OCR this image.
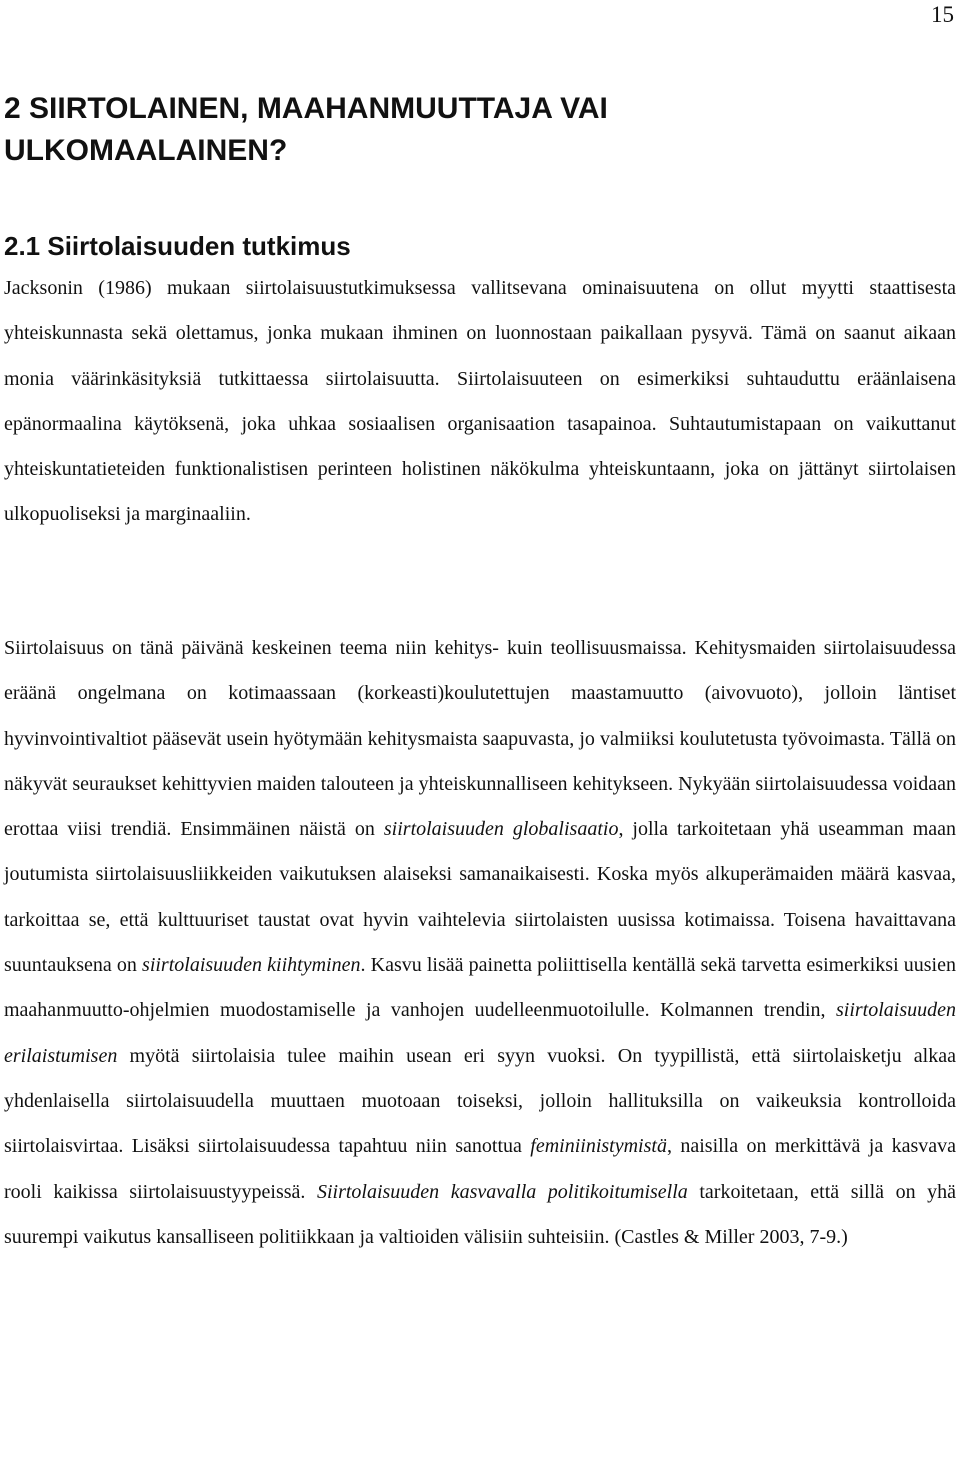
15
2 SIIRTOLAINEN, MAAHANMUUTTAJA VAI
ULKOMAALAINEN?
2.1 Siirtolaisuuden tutkimus

Jacksonin (1986) mukaan siirtolaisuustutkimuksessa vallitsevana ominaisuutena on ollut myytti staattisesta yhteiskunnasta sekä olettamus, jonka mukaan ihminen on luonnostaan paikallaan pysyvä. Tämä on saanut aikaan monia väärinkäsityksiä tutkittaessa siirtolaisuutta. Siirtolaisuuteen on esimerkiksi suhtauduttu eräänlaisena epänormaalina käytöksenä, joka uhkaa sosiaalisen organisaation tasapainoa. Suhtautumistapaan on vaikuttanut yhteiskuntatieteiden funktionalistisen perinteen holistinen näkökulma yhteiskuntaann, joka on jättänyt siirtolaisen ulkopuoliseksi ja marginaaliin.

Siirtolaisuus on tänä päivänä keskeinen teema niin kehitys- kuin teollisuusmaissa. Kehitysmaiden siirtolaisuudessa eräänä ongelmana on kotimaassaan (korkeasti)koulutettujen maastamuutto (aivovuoto), jolloin läntiset hyvinvointivaltiot pääsevät usein hyötymään kehitysmaista saapuvasta, jo valmiiksi koulutetusta työvoimasta. Tällä on näkyvät seuraukset kehittyvien maiden talouteen ja yhteiskunnalliseen kehitykseen. Nykyään siirtolaisuudessa voidaan erottaa viisi trendiä. Ensimmäinen näistä on siirtolaisuuden globalisaatio, jolla tarkoitetaan yhä useamman maan joutumista siirtolaisuusliikkeiden vaikutuksen alaiseksi samanaikaisesti. Koska myös alkuperämaiden määrä kasvaa, tarkoittaa se, että kulttuuriset taustat ovat hyvin vaihtelevia siirtolaisten uusissa kotimaissa. Toisena havaittavana suuntauksena on siirtolaisuuden kiihtyminen. Kasvu lisää painetta poliittisella kentällä sekä tarvetta esimerkiksi uusien maahanmuutto-ohjelmien muodostamiselle ja vanhojen uudelleenmuotoilulle. Kolmannen trendin, siirtolaisuuden erilaistumisen myötä siirtolaisia tulee maihin usean eri syyn vuoksi. On tyypillistä, että siirtolaisketju alkaa yhdenlaisella siirtolaisuudella muuttaen muotoaan toiseksi, jolloin hallituksilla on vaikeuksia kontrolloida siirtolaisvirtaa. Lisäksi siirtolaisuudessa tapahtuu niin sanottua feminiinistymistä, naisilla on merkittävä ja kasvava rooli kaikissa siirtolaisuustyypeissä. Siirtolaisuuden kasvavalla politikoitumisella tarkoitetaan, että sillä on yhä suurempi vaikutus kansalliseen politiikkaan ja valtioiden välisiin suhteisiin. (Castles & Miller 2003, 7-9.)
